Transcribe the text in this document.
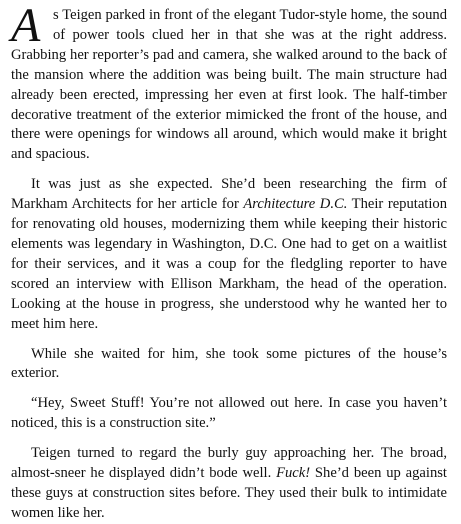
As Teigen parked in front of the elegant Tudor-style home, the sound of power tools clued her in that she was at the right address. Grabbing her reporter’s pad and camera, she walked around to the back of the mansion where the addition was being built. The main structure had already been erected, impressing her even at first look. The half-timber decorative treatment of the exterior mimicked the front of the house, and there were openings for windows all around, which would make it bright and spacious.

It was just as she expected. She’d been researching the firm of Markham Architects for her article for Architecture D.C. Their reputation for renovating old houses, modernizing them while keeping their historic elements was legendary in Washington, D.C. One had to get on a waitlist for their services, and it was a coup for the fledgling reporter to have scored an interview with Ellison Markham, the head of the operation. Looking at the house in progress, she understood why he wanted her to meet him here.

While she waited for him, she took some pictures of the house’s exterior.

“Hey, Sweet Stuff! You’re not allowed out here. In case you haven’t noticed, this is a construction site.”

Teigen turned to regard the burly guy approaching her. The broad, almost-sneer he displayed didn’t bode well. Fuck! She’d been up against these guys at construction sites before. They used their bulk to intimidate women like her.
